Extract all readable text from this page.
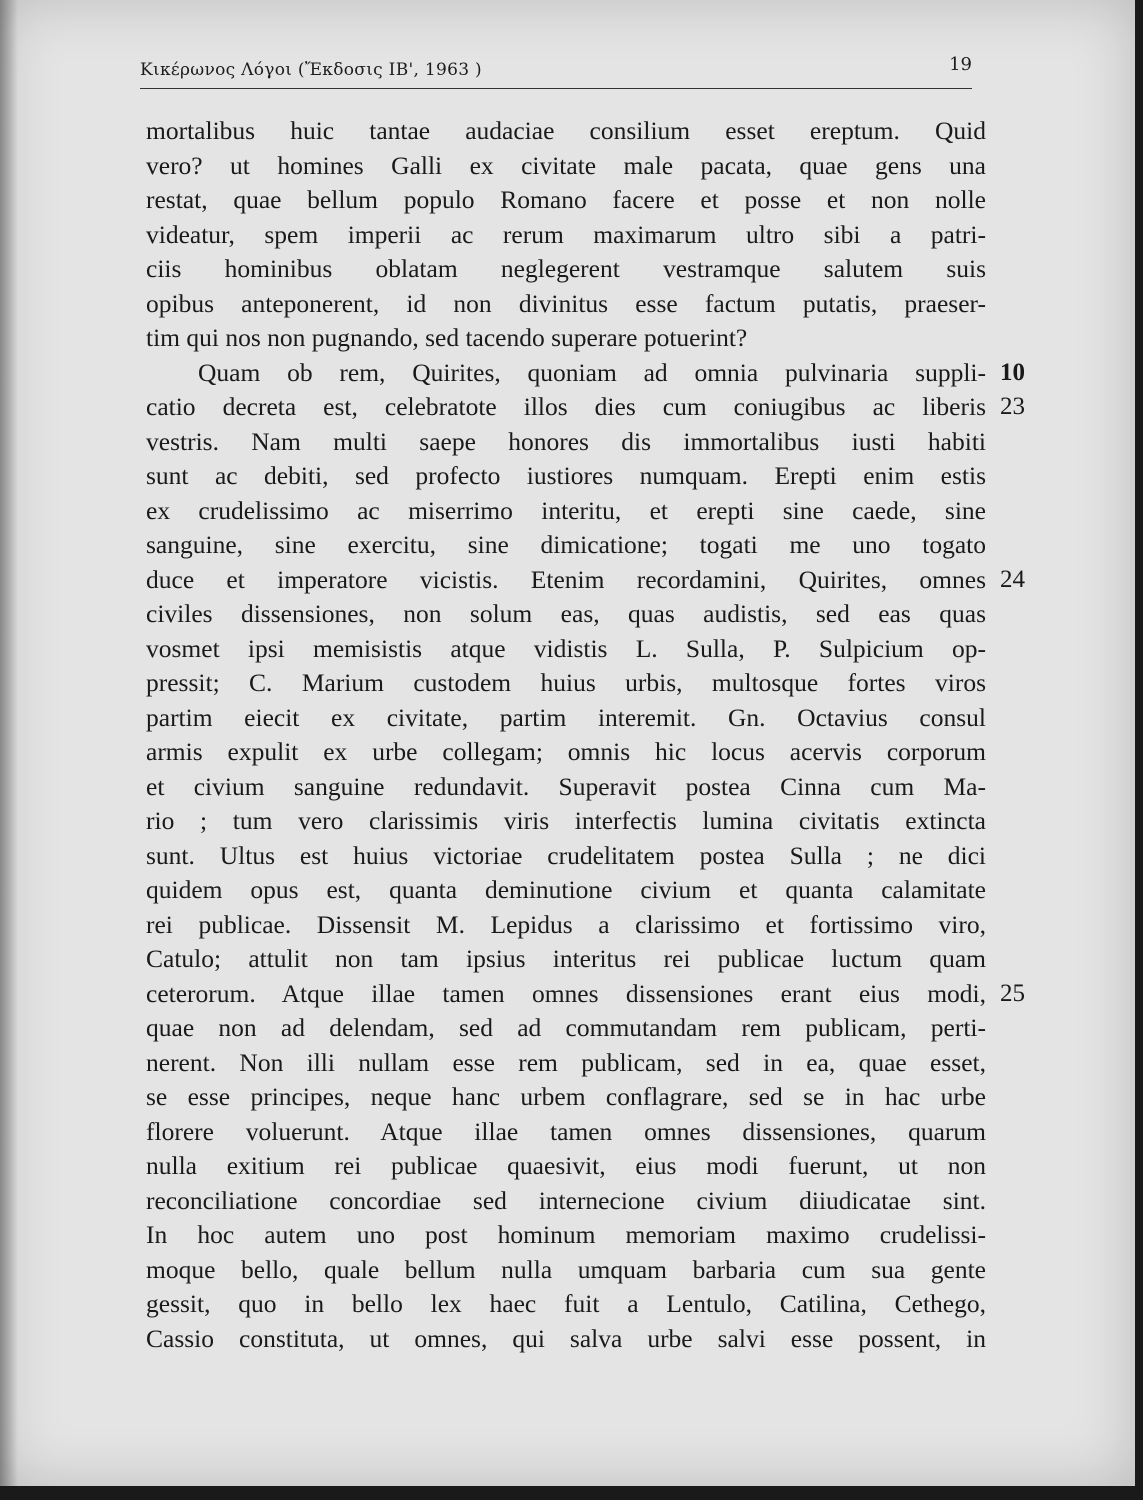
Κικέρωνος Λόγοι (Ἔκδοσις ΙΒ', 1963 )	19
mortalibus huic tantae audaciae consilium esset ereptum. Quid
vero? ut homines Galli ex civitate male pacata, quae gens una
restat, quae bellum populo Romano facere et posse et non nolle
videatur, spem imperii ac rerum maximarum ultro sibi a patri-
ciis hominibus oblatam neglegerent vestramque salutem suis
opibus anteponerent, id non divinitus esse factum putatis, praeser-
tim qui nos non pugnando, sed tacendo superare potuerint?
Quam ob rem, Quirites, quoniam ad omnia pulvinaria suppli- 10
catio decreta est, celebratote illos dies cum coniugibus ac liberis 23
vestris. Nam multi saepe honores dis immortalibus iusti habiti
sunt ac debiti, sed profecto iustiores numquam. Erepti enim estis
ex crudelissimo ac miserrimo interitu, et erepti sine caede, sine
sanguine, sine exercitu, sine dimicatione; togati me uno togato
duce et imperatore vicistis. Etenim recordamini, Quirites, omnes 24
civiles dissensiones, non solum eas, quas audistis, sed eas quas
vosmet ipsi memisistis atque vidistis L. Sulla, P. Sulpicium op-
pressit; C. Marium custodem huius urbis, multosque fortes viros
partim eiecit ex civitate, partim interemit. Gn. Octavius consul
armis expulit ex urbe collegam; omnis hic locus acervis corporum
et civium sanguine redundavit. Superavit postea Cinna cum Ma-
rio ; tum vero clarissimis viris interfectis lumina civitatis extincta
sunt. Ultus est huius victoriae crudelitatem postea Sulla ; ne dici
quidem opus est, quanta deminutione civium et quanta calamitate
rei publicae. Dissensit M. Lepidus a clarissimo et fortissimo viro,
Catulo; attulit non tam ipsius interitus rei publicae luctum quam
ceterorum. Atque illae tamen omnes dissensiones erant eius modi, 25
quae non ad delendam, sed ad commutandam rem publicam, perti-
nerent. Non illi nullam esse rem publicam, sed in ea, quae esset,
se esse principes, neque hanc urbem conflagrare, sed se in hac urbe
florere voluerunt. Atque illae tamen omnes dissensiones, quarum
nulla exitium rei publicae quaesivit, eius modi fuerunt, ut non
reconciliatione concordiae sed internecione civium diiudicatae sint.
In hoc autem uno post hominum memoriam maximo crudelissi-
moque bello, quale bellum nulla umquam barbaria cum sua gente
gessit, quo in bello lex haec fuit a Lentulo, Catilina, Cethego,
Cassio constituta, ut omnes, qui salva urbe salvi esse possent, in
